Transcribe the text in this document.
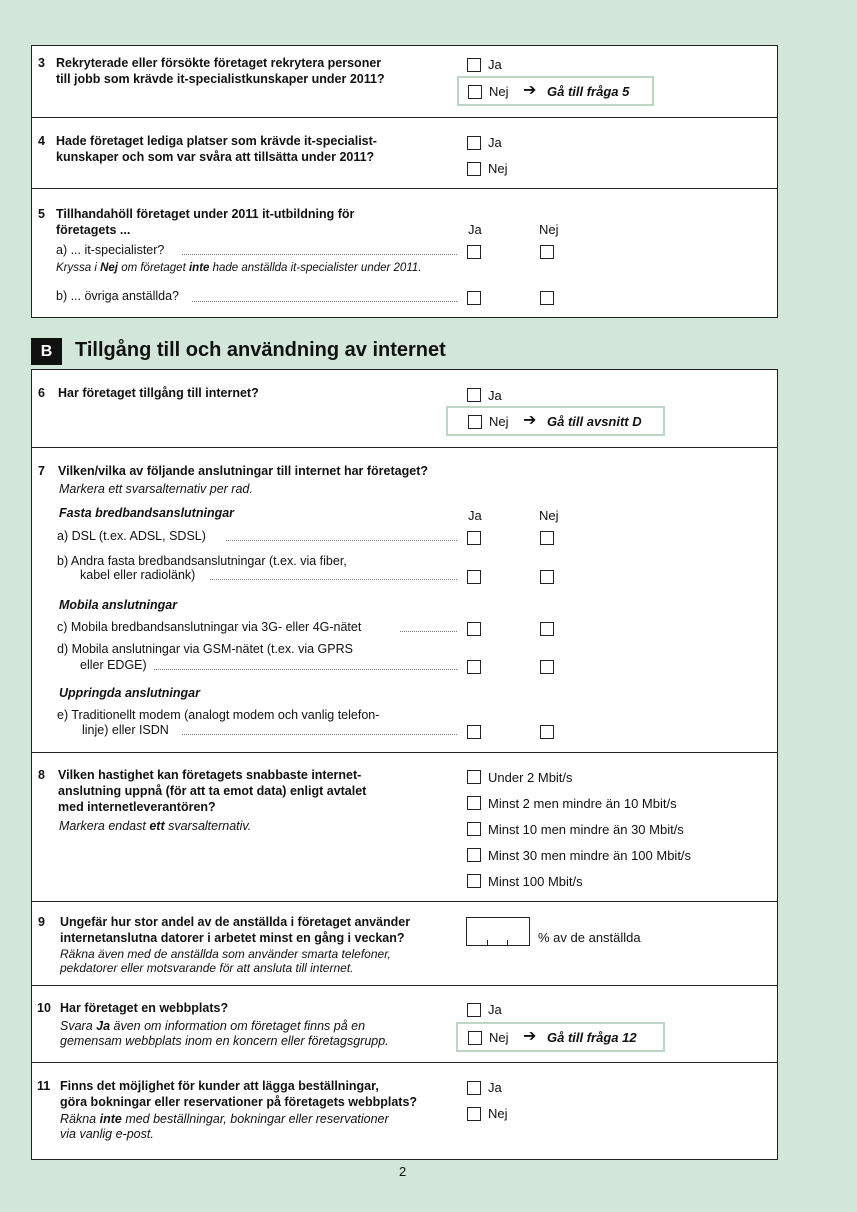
3 Rekryterade eller försökte företaget rekrytera personer
till jobb som krävde it-specialistkunskaper under 2011?
Ja
Nej ➔ Gå till fråga 5
4 Hade företaget lediga platser som krävde it-specialist-
kunskaper och som var svåra att tillsätta under 2011?
Ja
Nej
5 Tillhandahöll företaget under 2011 it-utbildning för
företagets ...	Ja	Nej
a) ... it-specialister?
Kryssa i Nej om företaget inte hade anställda it-specialister under 2011.
b) ... övriga anställda?
B	Tillgång till och användning av internet
6 Har företaget tillgång till internet?	Ja
Nej ➔ Gå till avsnitt D
7 Vilken/vilka av följande anslutningar till internet har företaget?
Markera ett svarsalternativ per rad.
Fasta bredbandsanslutningar	Ja	Nej
a) DSL (t.ex. ADSL, SDSL)
b) Andra fasta bredbandsanslutningar (t.ex. via fiber,
kabel eller radiolänk)
Mobila anslutningar
c) Mobila bredbandsanslutningar via 3G- eller 4G-nätet
d) Mobila anslutningar via GSM-nätet (t.ex. via GPRS
eller EDGE)
Uppringda anslutningar
e) Traditionellt modem (analogt modem och vanlig telefon-
linje) eller ISDN
8 Vilken hastighet kan företagets snabbaste internet-
anslutning uppnå (för att ta emot data) enligt avtalet
med internetleverantören?
Markera endast ett svarsalternativ.
Under 2 Mbit/s
Minst 2 men mindre än 10 Mbit/s
Minst 10 men mindre än 30 Mbit/s
Minst 30 men mindre än 100 Mbit/s
Minst 100 Mbit/s
9 Ungefär hur stor andel av de anställda i företaget använder
internetanslutna datorer i arbetet minst en gång i veckan?
Räkna även med de anställda som använder smarta telefoner,
pekdatorer eller motsvarande för att ansluta till internet.
% av de anställda
10 Har företaget en webbplats?
Svara Ja även om information om företaget finns på en
gemensam webbplats inom en koncern eller företagsgrupp.
Ja
Nej ➔ Gå till fråga 12
11 Finns det möjlighet för kunder att lägga beställningar,
göra bokningar eller reservationer på företagets webbplats?
Räkna inte med beställningar, bokningar eller reservationer
via vanlig e-post.
Ja
Nej
2
